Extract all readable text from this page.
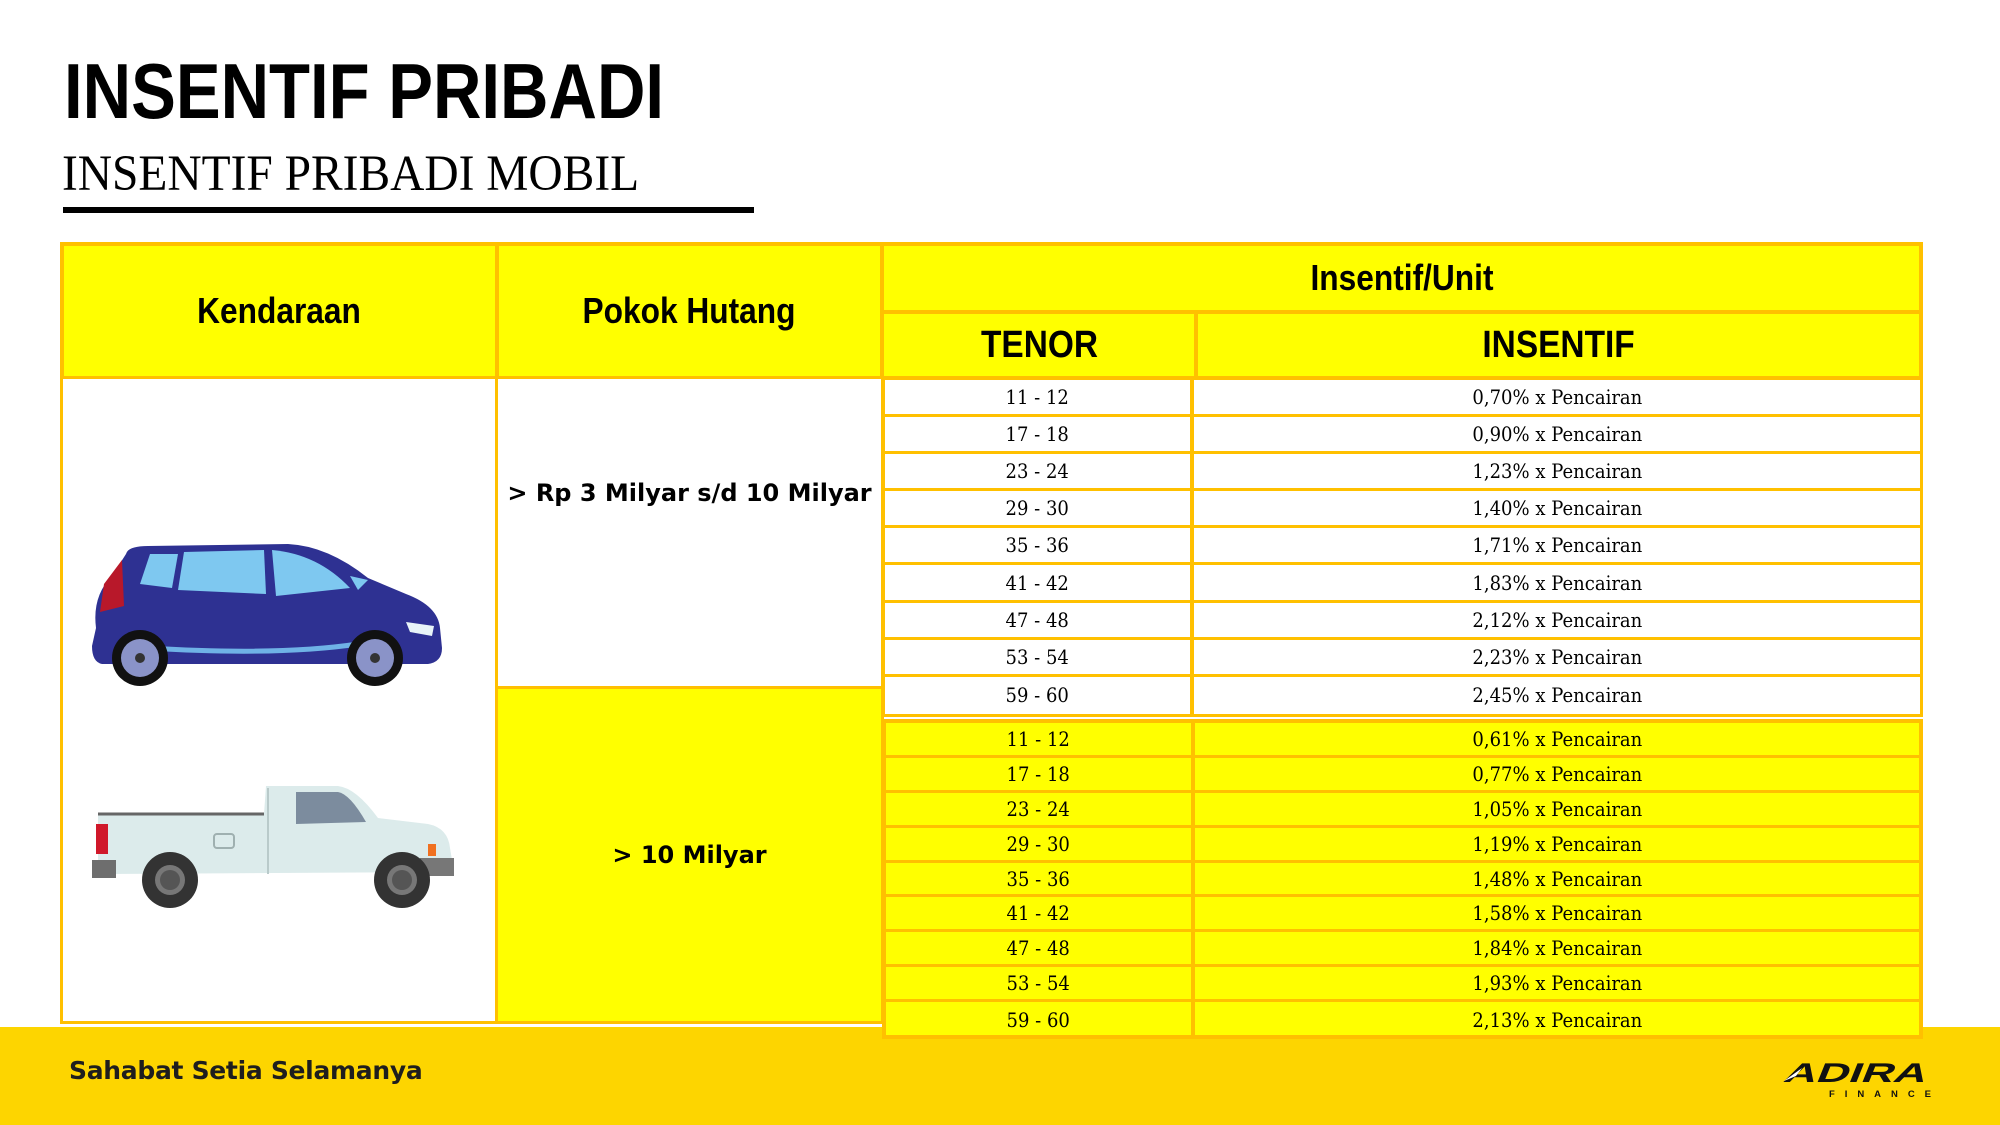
INSENTIF PRIBADI
INSENTIF PRIBADI MOBIL
Sahabat Setia Selamanya	ADIRA
FINANCE
Kendaraan	Pokok Hutang
Insentif/Unit
TENOR	INSENTIF
> Rp 3 Milyar s/d 10 Milyar
> 10 Milyar
11 - 12	0,70% x Pencairan
17 - 18	0,90% x Pencairan
23 - 24	1,23% x Pencairan
29 - 30	1,40% x Pencairan
35 - 36	1,71% x Pencairan
41 - 42	1,83% x Pencairan
47 - 48	2,12% x Pencairan
53 - 54	2,23% x Pencairan
59 - 60	2,45% x Pencairan
11 - 12	0,61% x Pencairan
17 - 18	0,77% x Pencairan
23 - 24	1,05% x Pencairan
29 - 30	1,19% x Pencairan
35 - 36	1,48% x Pencairan
41 - 42	1,58% x Pencairan
47 - 48	1,84% x Pencairan
53 - 54	1,93% x Pencairan
59 - 60	2,13% x Pencairan
